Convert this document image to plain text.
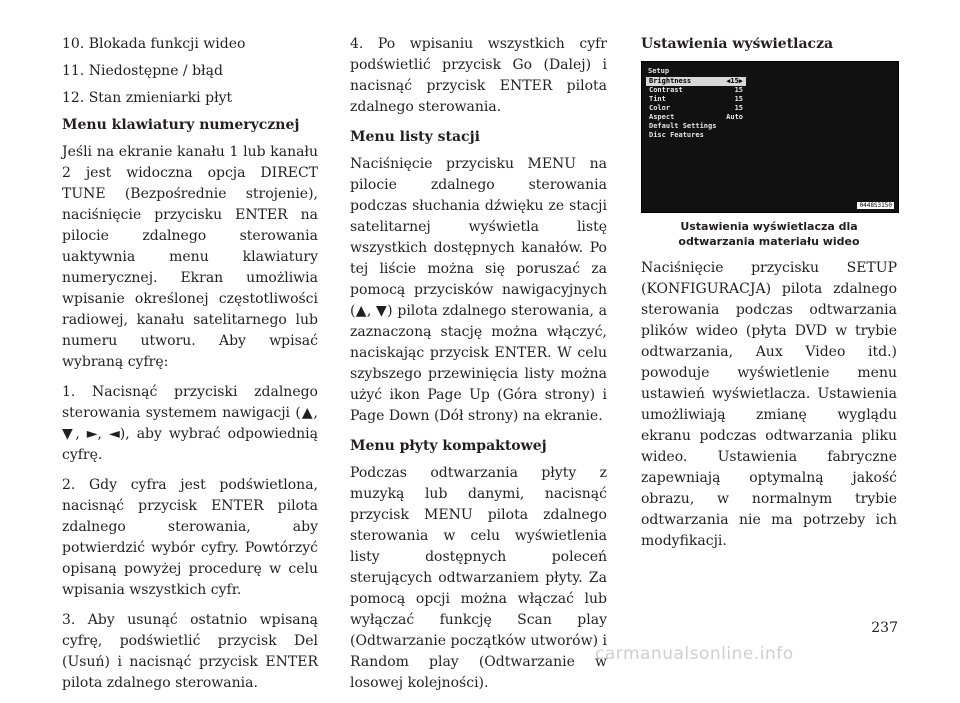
10. Blokada funkcji wideo
11. Niedostępne / błąd
12. Stan zmieniarki płyt
Menu klawiatury numerycznej

Jeśli na ekranie kanału 1 lub kanału 2 jest widoczna opcja DIRECT TUNE (Bezpośrednie strojenie), naciśnięcie przycisku ENTER na pilocie zdalnego sterowania uaktywnia menu klawiatury numerycznej. Ekran umożliwia wpisanie określonej częstotliwości radiowej, kanału satelitarnego lub numeru utworu. Aby wpisać wybraną cyfrę:

1. Nacisnąć przyciski zdalnego sterowania systemem nawigacji (▲, ▼, ►, ◄), aby wybrać odpowiednią cyfrę.

2. Gdy cyfra jest podświetlona, nacisnąć przycisk ENTER pilota zdalnego sterowania, aby potwierdzić wybór cyfry. Powtórzyć opisaną powyżej procedurę w celu wpisania wszystkich cyfr.

3. Aby usunąć ostatnio wpisaną cyfrę, podświetlić przycisk Del (Usuń) i nacisnąć przycisk ENTER pilota zdalnego sterowania.

4. Po wpisaniu wszystkich cyfr podświetlić przycisk Go (Dalej) i nacisnąć przycisk ENTER pilota zdalnego sterowania.

Menu listy stacji

Naciśnięcie przycisku MENU na pilocie zdalnego sterowania podczas słuchania dźwięku ze stacji satelitarnej wyświetla listę wszystkich dostępnych kanałów. Po tej liście można się poruszać za pomocą przycisków nawigacyjnych (▲, ▼) pilota zdalnego sterowania, a zaznaczoną stację można włączyć, naciskając przycisk ENTER. W celu szybszego przewinięcia listy można użyć ikon Page Up (Góra strony) i Page Down (Dół strony) na ekranie.

Menu płyty kompaktowej

Podczas odtwarzania płyty z muzyką lub danymi, nacisnąć przycisk MENU pilota zdalnego sterowania w celu wyświetlenia listy dostępnych poleceń sterujących odtwarzaniem płyty. Za pomocą opcji można włączać lub wyłączać funkcję Scan play (Odtwarzanie początków utworów) i Random play (Odtwarzanie w losowej kolejności).

Ustawienia wyświetlacza
Setup
Brightness	◀15▶
Contrast	15
Tint	15
Color	15
Aspect	Auto
Default Settings
Disc Features
0448S3150
Ustawienia wyświetlacza dla odtwarzania materiału wideo

Naciśnięcie przycisku SETUP (KONFIGURACJA) pilota zdalnego sterowania podczas odtwarzania plików wideo (płyta DVD w trybie odtwarzania, Aux Video itd.) powoduje wyświetlenie menu ustawień wyświetlacza. Ustawienia umożliwiają zmianę wyglądu ekranu podczas odtwarzania pliku wideo. Ustawienia fabryczne zapewniają optymalną jakość obrazu, w normalnym trybie odtwarzania nie ma potrzeby ich modyfikacji.

237
carmanualsonline.info
